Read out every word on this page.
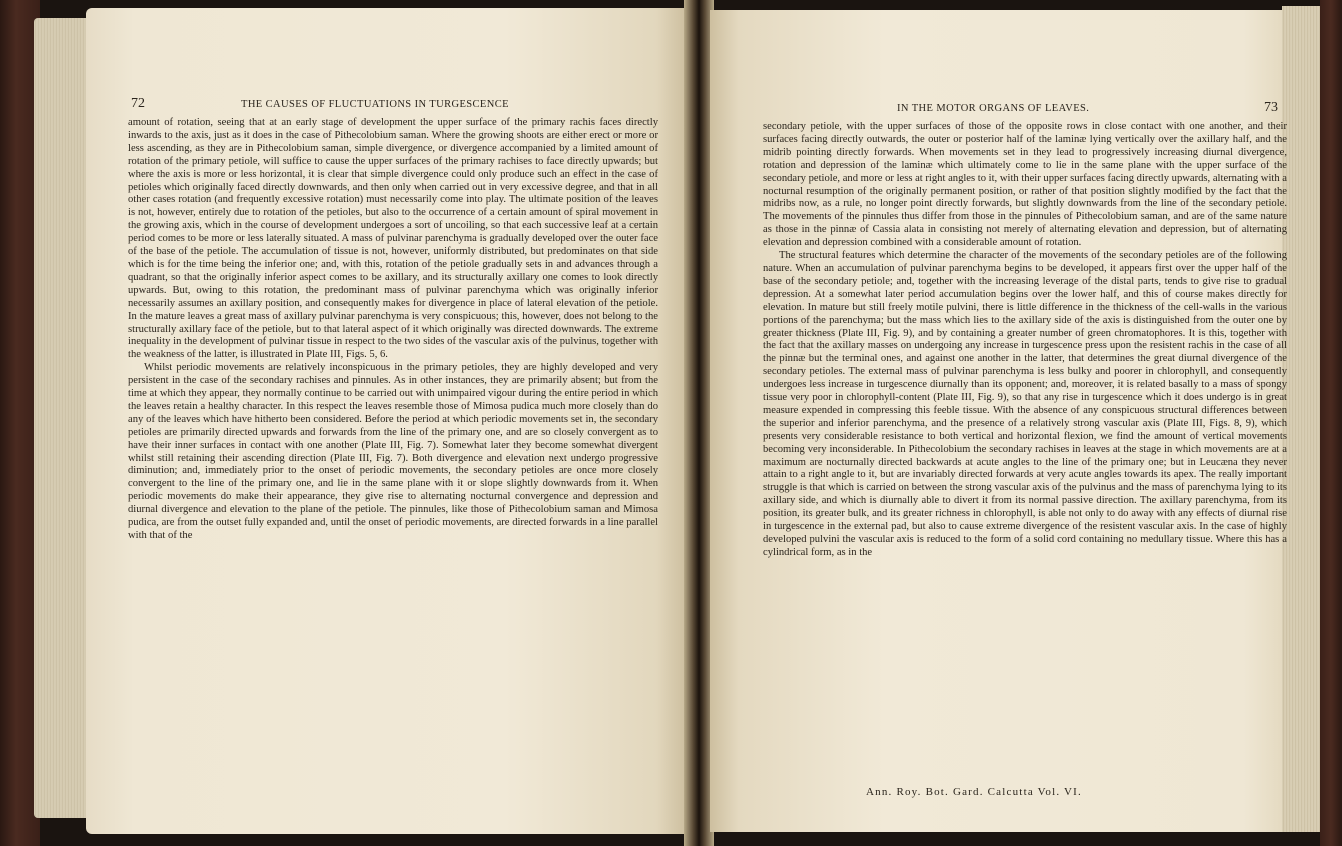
72	THE CAUSES OF FLUCTUATIONS IN TURGESCENCE

amount of rotation, seeing that at an early stage of development the upper surface of the primary rachis faces directly inwards to the axis, just as it does in the case of Pithecolobium saman. Where the growing shoots are either erect or more or less ascending, as they are in Pithecolobium saman, simple divergence, or divergence accompanied by a limited amount of rotation of the primary petiole, will suffice to cause the upper surfaces of the primary rachises to face directly upwards; but where the axis is more or less horizontal, it is clear that simple divergence could only produce such an effect in the case of petioles which originally faced directly downwards, and then only when carried out in very excessive degree, and that in all other cases rotation (and frequently excessive rotation) must necessarily come into play. The ultimate position of the leaves is not, however, entirely due to rotation of the petioles, but also to the occurrence of a certain amount of spiral movement in the growing axis, which in the course of development undergoes a sort of uncoiling, so that each successive leaf at a certain period comes to be more or less laterally situated. A mass of pulvinar parenchyma is gradually developed over the outer face of the base of the petiole. The accumulation of tissue is not, however, uniformly distributed, but predominates on that side which is for the time being the inferior one; and, with this, rotation of the petiole gradually sets in and advances through a quadrant, so that the originally inferior aspect comes to be axillary, and its structurally axillary one comes to look directly upwards. But, owing to this rotation, the predominant mass of pulvinar parenchyma which was originally inferior necessarily assumes an axillary position, and consequently makes for divergence in place of lateral elevation of the petiole. In the mature leaves a great mass of axillary pulvinar parenchyma is very conspicuous; this, however, does not belong to the structurally axillary face of the petiole, but to that lateral aspect of it which originally was directed downwards. The extreme inequality in the development of pulvinar tissue in respect to the two sides of the vascular axis of the pulvinus, together with the weakness of the latter, is illustrated in Plate III, Figs. 5, 6.

Whilst periodic movements are relatively inconspicuous in the primary petioles, they are highly developed and very persistent in the case of the secondary rachises and pinnules. As in other instances, they are primarily absent; but from the time at which they appear, they normally continue to be carried out with unimpaired vigour during the entire period in which the leaves retain a healthy character. In this respect the leaves resemble those of Mimosa pudica much more closely than do any of the leaves which have hitherto been considered. Before the period at which periodic movements set in, the secondary petioles are primarily directed upwards and forwards from the line of the primary one, and are so closely convergent as to have their inner surfaces in contact with one another (Plate III, Fig. 7). Somewhat later they become somewhat divergent whilst still retaining their ascending direction (Plate III, Fig. 7). Both divergence and elevation next undergo progressive diminution; and, immediately prior to the onset of periodic movements, the secondary petioles are once more closely convergent to the line of the primary one, and lie in the same plane with it or slope slightly downwards from it. When periodic movements do make their appearance, they give rise to alternating nocturnal convergence and depression and diurnal divergence and elevation to the plane of the petiole. The pinnules, like those of Pithecolobium saman and Mimosa pudica, are from the outset fully expanded and, until the onset of periodic movements, are directed forwards in a line parallel with that of the

IN THE MOTOR ORGANS OF LEAVES.	73

secondary petiole, with the upper surfaces of those of the opposite rows in close contact with one another, and their surfaces facing directly outwards, the outer or posterior half of the laminæ lying vertically over the axillary half, and the midrib pointing directly forwards. When movements set in they lead to progressively increasing diurnal divergence, rotation and depression of the laminæ which ultimately come to lie in the same plane with the upper surface of the secondary petiole, and more or less at right angles to it, with their upper surfaces facing directly upwards, alternating with a nocturnal resumption of the originally permanent position, or rather of that position slightly modified by the fact that the midribs now, as a rule, no longer point directly forwards, but slightly downwards from the line of the secondary petiole. The movements of the pinnules thus differ from those in the pinnules of Pithecolobium saman, and are of the same nature as those in the pinnæ of Cassia alata in consisting not merely of alternating elevation and depression, but of alternating elevation and depression combined with a considerable amount of rotation.

The structural features which determine the character of the movements of the secondary petioles are of the following nature. When an accumulation of pulvinar parenchyma begins to be developed, it appears first over the upper half of the base of the secondary petiole; and, together with the increasing leverage of the distal parts, tends to give rise to gradual depression. At a somewhat later period accumulation begins over the lower half, and this of course makes directly for elevation. In mature but still freely motile pulvini, there is little difference in the thickness of the cell-walls in the various portions of the parenchyma; but the mass which lies to the axillary side of the axis is distinguished from the outer one by greater thickness (Plate III, Fig. 9), and by containing a greater number of green chromatophores. It is this, together with the fact that the axillary masses on undergoing any increase in turgescence press upon the resistent rachis in the case of all the pinnæ but the terminal ones, and against one another in the latter, that determines the great diurnal divergence of the secondary petioles. The external mass of pulvinar parenchyma is less bulky and poorer in chlorophyll, and consequently undergoes less increase in turgescence diurnally than its opponent; and, moreover, it is related basally to a mass of spongy tissue very poor in chlorophyll-content (Plate III, Fig. 9), so that any rise in turgescence which it does undergo is in great measure expended in compressing this feeble tissue. With the absence of any conspicuous structural differences between the superior and inferior parenchyma, and the presence of a relatively strong vascular axis (Plate III, Figs. 8, 9), which presents very considerable resistance to both vertical and horizontal flexion, we find the amount of vertical movements becoming very inconsiderable. In Pithecolobium the secondary rachises in leaves at the stage in which movements are at a maximum are nocturnally directed backwards at acute angles to the line of the primary one; but in Leucæna they never attain to a right angle to it, but are invariably directed forwards at very acute angles towards its apex. The really important struggle is that which is carried on between the strong vascular axis of the pulvinus and the mass of parenchyma lying to its axillary side, and which is diurnally able to divert it from its normal passive direction. The axillary parenchyma, from its position, its greater bulk, and its greater richness in chlorophyll, is able not only to do away with any effects of diurnal rise in turgescence in the external pad, but also to cause extreme divergence of the resistent vascular axis. In the case of highly developed pulvini the vascular axis is reduced to the form of a solid cord containing no medullary tissue. Where this has a cylindrical form, as in the

Ann. Roy. Bot. Gard. Calcutta Vol. VI.
